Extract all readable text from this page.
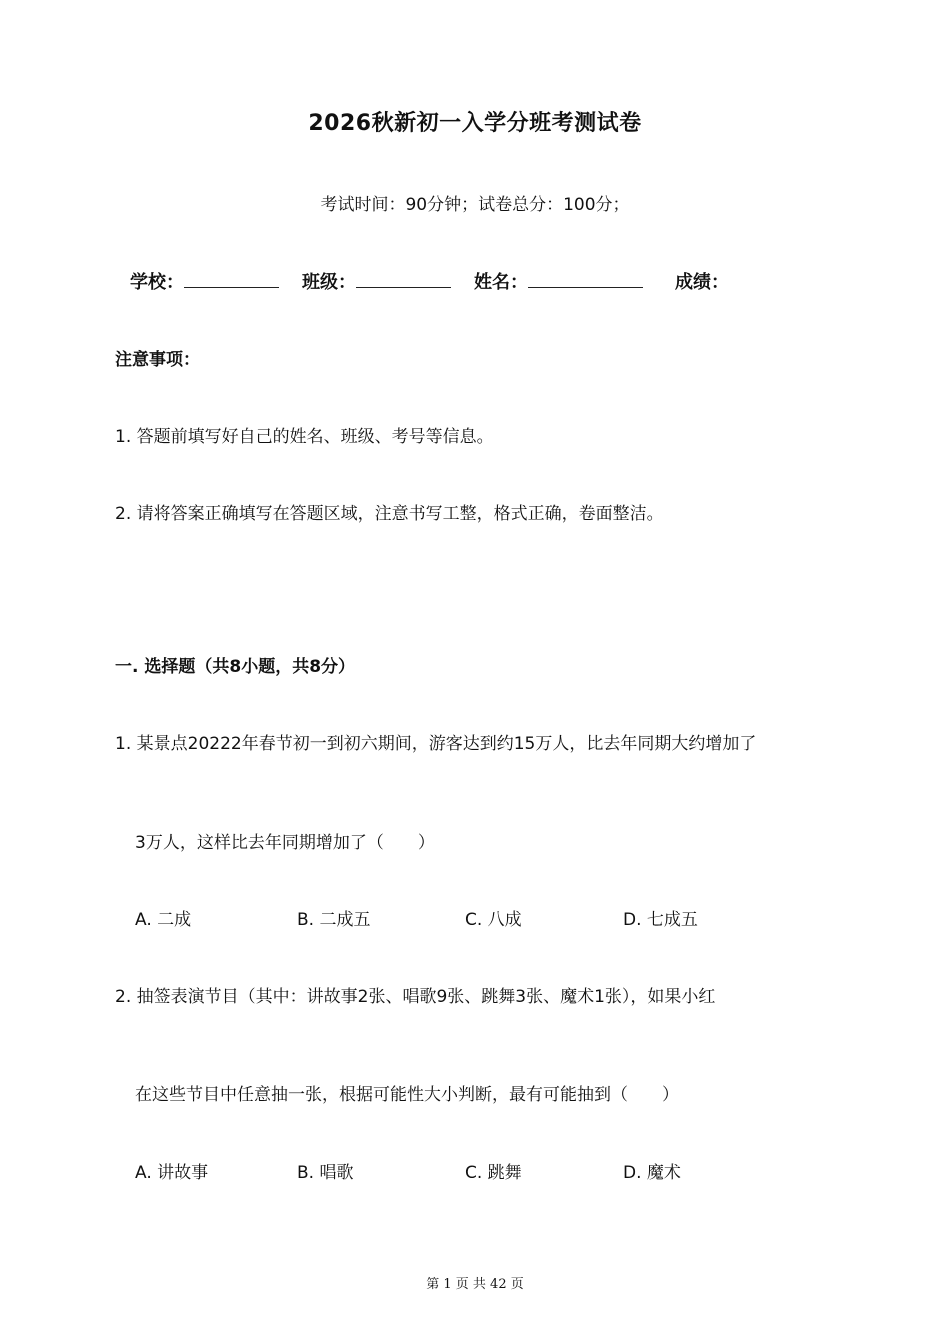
2026秋新初一入学分班考测试卷
考试时间：90分钟；试卷总分：100分；
学校：	班级：	姓名：	成绩：
注意事项：
1. 答题前填写好自己的姓名、班级、考号等信息。
2. 请将答案正确填写在答题区域，注意书写工整，格式正确，卷面整洁。
一. 选择题（共8小题，共8分）
1. 某景点20222年春节初一到初六期间，游客达到约15万人，比去年同期大约增加了
3万人，这样比去年同期增加了（　　）
A. 二成	B. 二成五	C. 八成	D. 七成五
2. 抽签表演节目（其中：讲故事2张、唱歌9张、跳舞3张、魔术1张），如果小红
在这些节目中任意抽一张，根据可能性大小判断，最有可能抽到（　　）
A. 讲故事	B. 唱歌	C. 跳舞	D. 魔术
第 1 页 共 42 页
